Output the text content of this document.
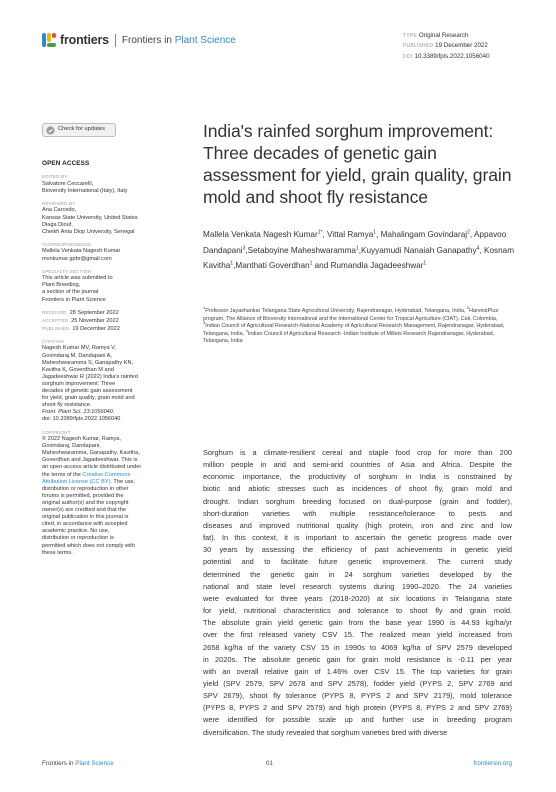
frontiers Frontiers in Plant Science	TYPE Original Research
PUBLISHED 19 December 2022
DOI 10.3389/fpls.2022.1056040
Check for updates
OPEN ACCESS
EDITED BY
Salvatore Ceccarelli,
Bioversity International (Italy), Italy
REVIEWED BY
Ana Carcedo,
Kansas State University, United States
Diaga Diouf,
Cheikh Anta Diop University, Senegal
*CORRESPONDENCE
Mallela Venkata Nagesh Kumar
mvnkumar.gpbr@gmail.com
SPECIALTY SECTION
This article was submitted to
Plant Breeding,
a section of the journal
Frontiers in Plant Science
RECEIVED 28 September 2022
ACCEPTED 25 November 2022
PUBLISHED 19 December 2022
CITATION
Nagesh Kumar MV, Ramya V,
Govindaraj M, Dandapani A,
Maheshwaramma S, Ganapathy KN,
Kavitha K, Goverdhan M and
Jagadeeshwar R (2022) India's rainfed
sorghum improvement: Three
decades of genetic gain assessment
for yield, grain quality, grain mold and
shoot fly resistance.
Front. Plant Sci. 13:1056040.
doi: 10.3389/fpls.2022.1056040
COPYRIGHT
© 2022 Nagesh Kumar, Ramya,
Govindaraj, Dandapani,
Maheshwaramma, Ganapathy, Kavitha,
Goverdhan and Jagadeeshwar. This is
an open-access article distributed under
the terms of the Creative Commons
Attribution License (CC BY). The use,
distribution or reproduction in other
forums is permitted, provided the
original author(s) and the copyright
owner(s) are credited and that the
original publication in this journal is
cited, in accordance with accepted
academic practice. No use,
distribution or reproduction is
permitted which does not comply with
these terms.
India's rainfed sorghum improvement: Three decades of genetic gain assessment for yield, grain quality, grain mold and shoot fly resistance
Mallela Venkata Nagesh Kumar$^{1*}$, Vittal Ramya$^1$, Mahalingam Govindaraj$^2$, Appavoo Dandapani$^3$,Setaboyine Maheshwaramma$^1$,Kuyyamudi Nanaiah Ganapathy$^4$, Kosnam Kavitha$^1$,Manthati Goverdhan$^1$ and Rumandla Jagadeeshwar$^1$
$^1$Professor Jayashankar Telangana State Agricultural University, Rajendranagar, Hyderabad, Telangana, India, $^2$HarvestPlus program, The Alliance of Bioversity International and the International Center for Tropical Agriculture (CIAT), Cali, Colombia, $^3$Indian Council of Agricultural Research-National Academy of Agricultural Research Management, Rajendranagar, Hyderabad, Telangana, India, $^4$Indian Council of Agricultural Research -Indian Institute of Millets Research Rajendranagar, Hyderabad, Telangana, India
Sorghum is a climate-resilient cereal and staple food crop for more than 200
million people in arid and semi-arid countries of Asia and Africa. Despite the
economic importance, the productivity of sorghum in India is constrained by
biotic and abiotic stresses such as incidences of shoot fly, grain mold and
drought. Indian sorghum breeding focused on dual-purpose (grain and fodder),
short-duration varieties with multiple resistance/tolerance to pests and
diseases and improved nutritional quality (high protein, iron and zinc and low
fat). In this context, it is important to ascertain the genetic progress made over
30 years by assessing the efficiency of past achievements in genetic yield
potential and to facilitate future genetic improvement. The current study
determined the genetic gain in 24 sorghum varieties developed by the
national and state level research systems during 1990–2020. The 24 varieties
were evaluated for three years (2018-2020) at six locations in Telangana state
for yield, nutritional characteristics and tolerance to shoot fly and grain mold.
The absolute grain yield genetic gain from the base year 1990 is 44.93 kg/ha/yr
over the first released variety CSV 15. The realized mean yield increased from
2658 kg/ha of the variety CSV 15 in 1990s to 4069 kg/ha of SPV 2579 developed
in 2020s. The absolute genetic gain for grain mold resistance is -0.11 per year
with an overall relative gain of 1.46% over CSV 15. The top varieties for grain
yield (SPV 2579, SPV 2678 and SPV 2578), fodder yield (PYPS 2, SPV 2769 and
SPV 2679), shoot fly tolerance (PYPS 8, PYPS 2 and SPV 2179), mold tolerance
(PYPS 8, PYPS 2 and SPV 2579) and high protein (PYPS 8, PYPS 2 and SPV 2769)
were identified for possible scale up and further use in breeding program
diversification. The study revealed that sorghum varieties bred with diverse
Frontiers in Plant Science	01	frontiersin.org
